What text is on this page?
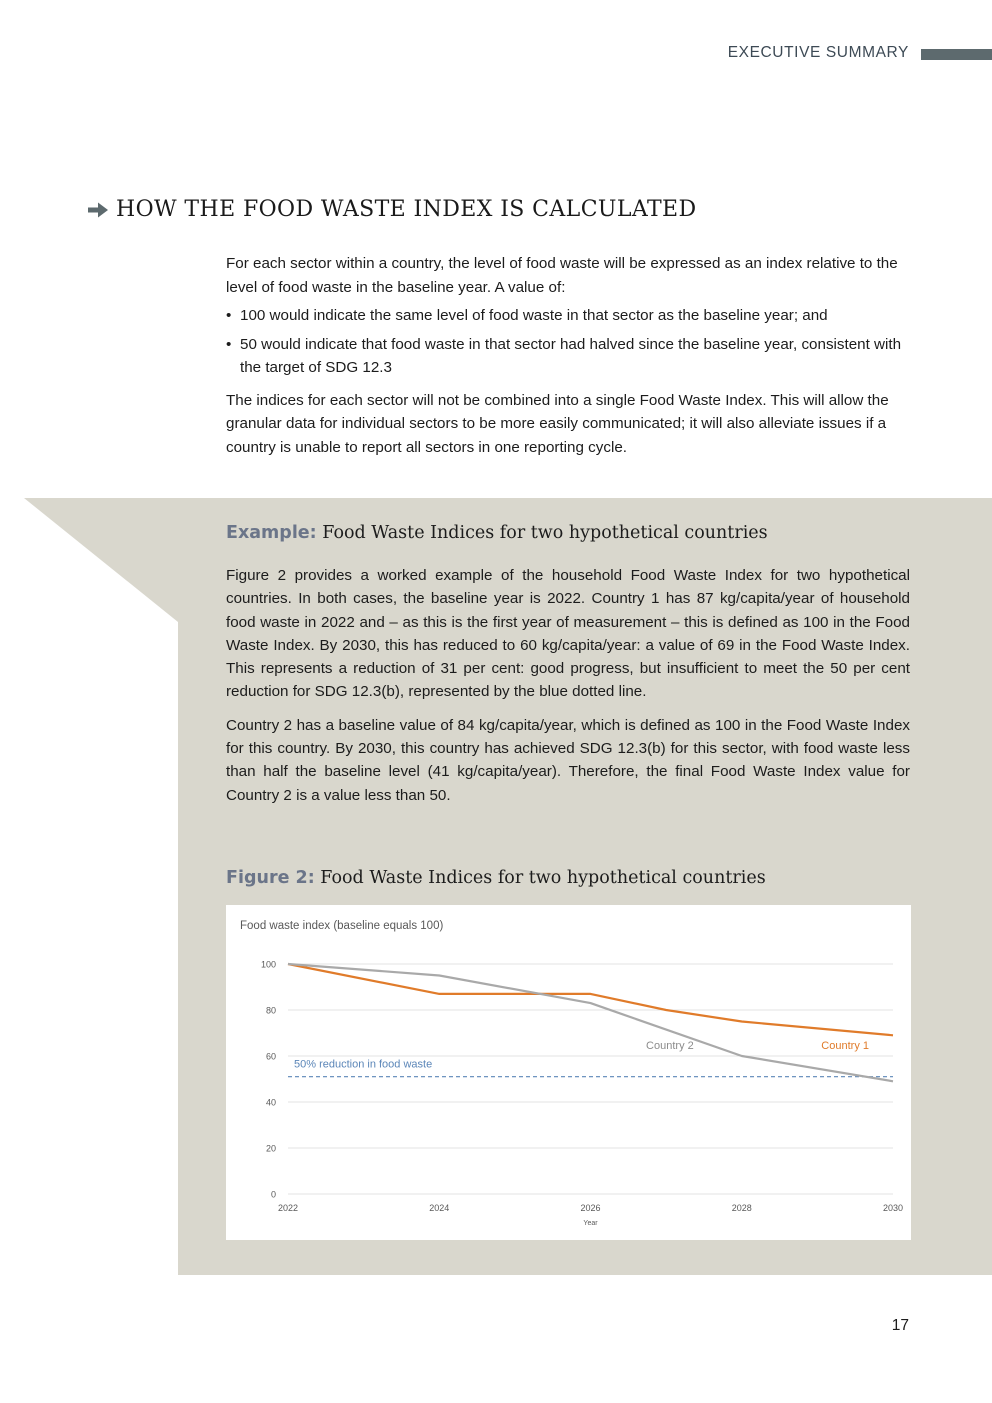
EXECUTIVE SUMMARY
HOW THE FOOD WASTE INDEX IS CALCULATED

For each sector within a country, the level of food waste will be expressed as an index relative to the level of food waste in the baseline year. A value of:

• 100 would indicate the same level of food waste in that sector as the baseline year; and
• 50 would indicate that food waste in that sector had halved since the baseline year, consistent with the target of SDG 12.3

The indices for each sector will not be combined into a single Food Waste Index. This will allow the granular data for individual sectors to be more easily communicated; it will also alleviate issues if a country is unable to report all sectors in one reporting cycle.

Example: Food Waste Indices for two hypothetical countries

Figure 2 provides a worked example of the household Food Waste Index for two hypothetical countries. In both cases, the baseline year is 2022. Country 1 has 87 kg/capita/year of household food waste in 2022 and – as this is the first year of measurement – this is defined as 100 in the Food Waste Index. By 2030, this has reduced to 60 kg/capita/year: a value of 69 in the Food Waste Index. This represents a reduction of 31 per cent: good progress, but insufficient to meet the 50 per cent reduction for SDG 12.3(b), represented by the blue dotted line.

Country 2 has a baseline value of 84 kg/capita/year, which is defined as 100 in the Food Waste Index for this country. By 2030, this country has achieved SDG 12.3(b) for this sector, with food waste less than half the baseline level (41 kg/capita/year). Therefore, the final Food Waste Index value for Country 2 is a value less than 50.

Figure 2: Food Waste Indices for two hypothetical countries
Food waste index (baseline equals 100)
100
80
60
40
20
0
2022	2024	2026	2028	2030
Year
50% reduction in food waste
Country 2	Country 1
17
